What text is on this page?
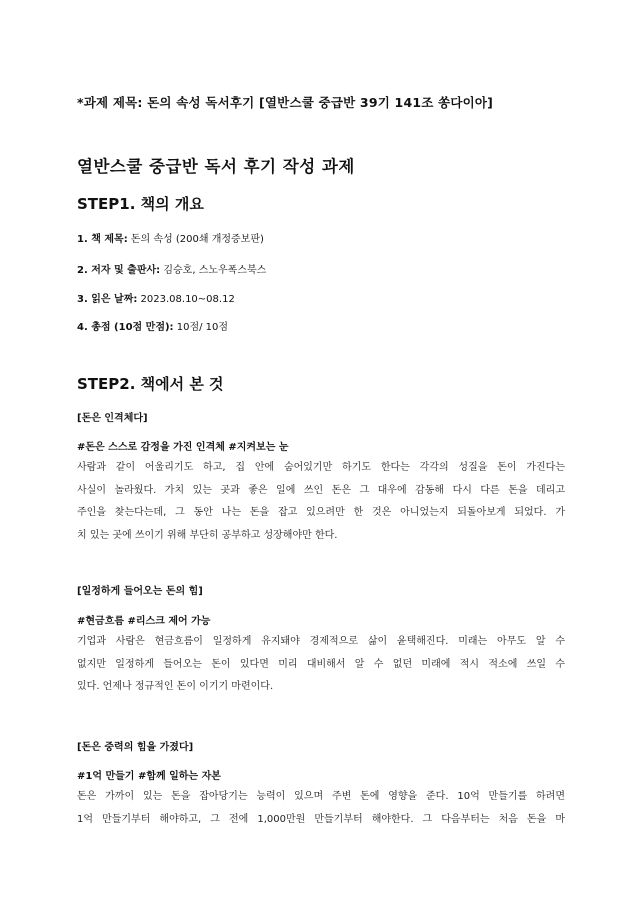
*과제 제목: 돈의 속성 독서후기 [열반스쿨 중급반 39기 141조 쏭다이아]
열반스쿨 중급반 독서 후기 작성 과제
STEP1. 책의 개요
1. 책 제목: 돈의 속성 (200쇄 개정증보판)
2. 저자 및 출판사: 김승호, 스노우폭스북스
3. 읽은 날짜: 2023.08.10~08.12
4. 총점 (10점 만점): 10점/ 10점
STEP2. 책에서 본 것
[돈은 인격체다]
#돈은 스스로 감정을 가진 인격체 #지켜보는 눈
사람과 같이 어울리기도 하고, 집 안에 숨어있기만 하기도 한다는 각각의 성질을 돈이 가진다는
사실이 놀라웠다. 가치 있는 곳과 좋은 일에 쓰인 돈은 그 대우에 감동해 다시 다른 돈을 데리고
주인을 찾는다는데, 그 동안 나는 돈을 잡고 있으려만 한 것은 아니었는지 되돌아보게 되었다. 가
치 있는 곳에 쓰이기 위해 부단히 공부하고 성장해야만 한다.
[일정하게 들어오는 돈의 힘]
#현금흐름 #리스크 제어 가능
기업과 사람은 현금흐름이 일정하게 유지돼야 경제적으로 삶이 윤택해진다. 미래는 아무도 알 수
없지만 일정하게 들어오는 돈이 있다면 미리 대비해서 알 수 없던 미래에 적시 적소에 쓰일 수
있다. 언제나 정규적인 돈이 이기기 마련이다.
[돈은 중력의 힘을 가졌다]
#1억 만들기 #함께 일하는 자본
돈은 가까이 있는 돈을 잡아당기는 능력이 있으며 주변 돈에 영향을 준다. 10억 만들기를 하려면
1억 만들기부터 해야하고, 그 전에 1,000만원 만들기부터 해야한다. 그 다음부터는 처음 돈을 마
